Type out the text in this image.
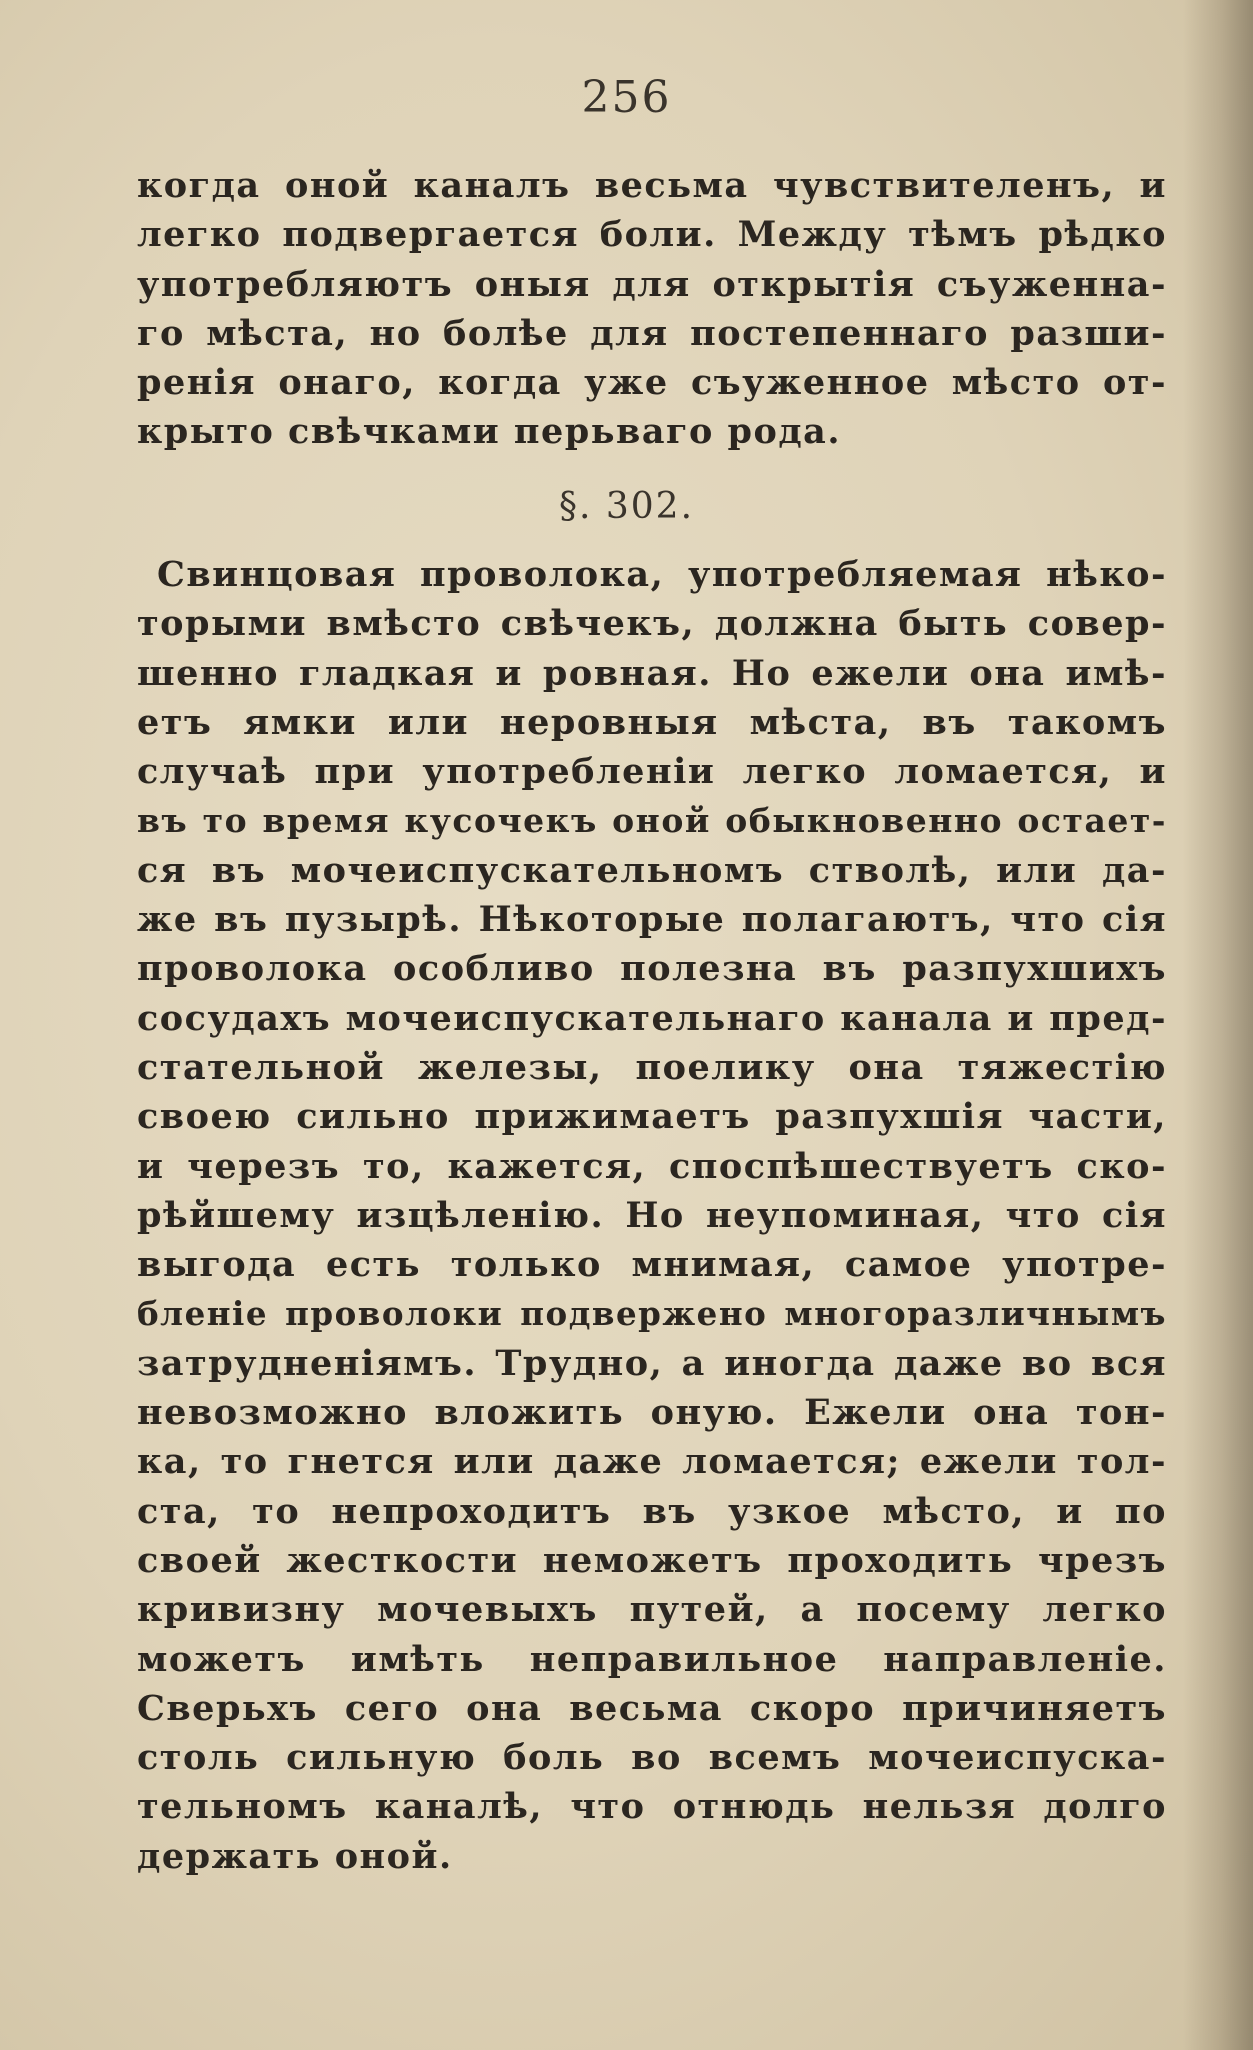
256
когда оной каналъ весьма чувствителенъ, и
легко подвергается боли. Между тѣмъ рѣдко
употребляютъ оныя для открытія съуженна-
го мѣста, но болѣе для постепеннаго разши-
ренія онаго, когда уже съуженное мѣсто от-
крыто свѣчками перьваго рода.
§. 302.
Свинцовая проволока, употребляемая нѣко-
торыми вмѣсто свѣчекъ, должна быть совер-
шенно гладкая и ровная. Но ежели она имѣ-
етъ ямки или неровныя мѣста, въ такомъ
случаѣ при употребленіи легко ломается, и
въ то время кусочекъ оной обыкновенно остает-
ся въ мочеиспускательномъ стволѣ, или да-
же въ пузырѣ. Нѣкоторые полагаютъ, что сія
проволока особливо полезна въ разпухшихъ
сосудахъ мочеиспускательнаго канала и пред-
стательной железы, поелику она тяжестію
своею сильно прижимаетъ разпухшія части,
и черезъ то, кажется, споспѣшествуетъ ско-
рѣйшему изцѣленію. Но неупоминая, что сія
выгода есть только мнимая, самое употре-
бленіе проволоки подвержено многоразличнымъ
затрудненіямъ. Трудно, а иногда даже во вся
невозможно вложить оную. Ежели она тон-
ка, то гнется или даже ломается; ежели тол-
ста, то непроходитъ въ узкое мѣсто, и по
своей жесткости неможетъ проходить чрезъ
кривизну мочевыхъ путей, а посему легко
можетъ имѣть неправильное направленіе.
Сверьхъ сего она весьма скоро причиняетъ
столь сильную боль во всемъ мочеиспуска-
тельномъ каналѣ, что отнюдь нельзя долго
держать оной.
